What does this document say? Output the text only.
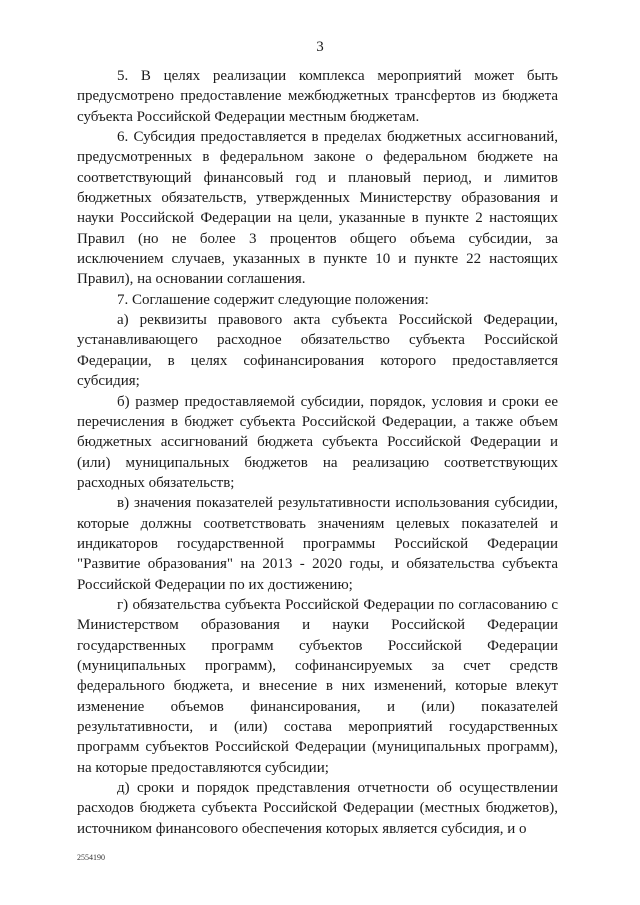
3

5. В целях реализации комплекса мероприятий может быть предусмотрено предоставление межбюджетных трансфертов из бюджета субъекта Российской Федерации местным бюджетам.

6. Субсидия предоставляется в пределах бюджетных ассигнований, предусмотренных в федеральном законе о федеральном бюджете на соответствующий финансовый год и плановый период, и лимитов бюджетных обязательств, утвержденных Министерству образования и науки Российской Федерации на цели, указанные в пункте 2 настоящих Правил (но не более 3 процентов общего объема субсидии, за исключением случаев, указанных в пункте 10 и пункте 22 настоящих Правил), на основании соглашения.

7. Соглашение содержит следующие положения:

а) реквизиты правового акта субъекта Российской Федерации, устанавливающего расходное обязательство субъекта Российской Федерации, в целях софинансирования которого предоставляется субсидия;

б) размер предоставляемой субсидии, порядок, условия и сроки ее перечисления в бюджет субъекта Российской Федерации, а также объем бюджетных ассигнований бюджета субъекта Российской Федерации и (или) муниципальных бюджетов на реализацию соответствующих расходных обязательств;

в) значения показателей результативности использования субсидии, которые должны соответствовать значениям целевых показателей и индикаторов государственной программы Российской Федерации "Развитие образования" на 2013 - 2020 годы, и обязательства субъекта Российской Федерации по их достижению;

г) обязательства субъекта Российской Федерации по согласованию с Министерством образования и науки Российской Федерации государственных программ субъектов Российской Федерации (муниципальных программ), софинансируемых за счет средств федерального бюджета, и внесение в них изменений, которые влекут изменение объемов финансирования, и (или) показателей результативности, и (или) состава мероприятий государственных программ субъектов Российской Федерации (муниципальных программ), на которые предоставляются субсидии;

д) сроки и порядок представления отчетности об осуществлении расходов бюджета субъекта Российской Федерации (местных бюджетов), источником финансового обеспечения которых является субсидия, и о

2554190
